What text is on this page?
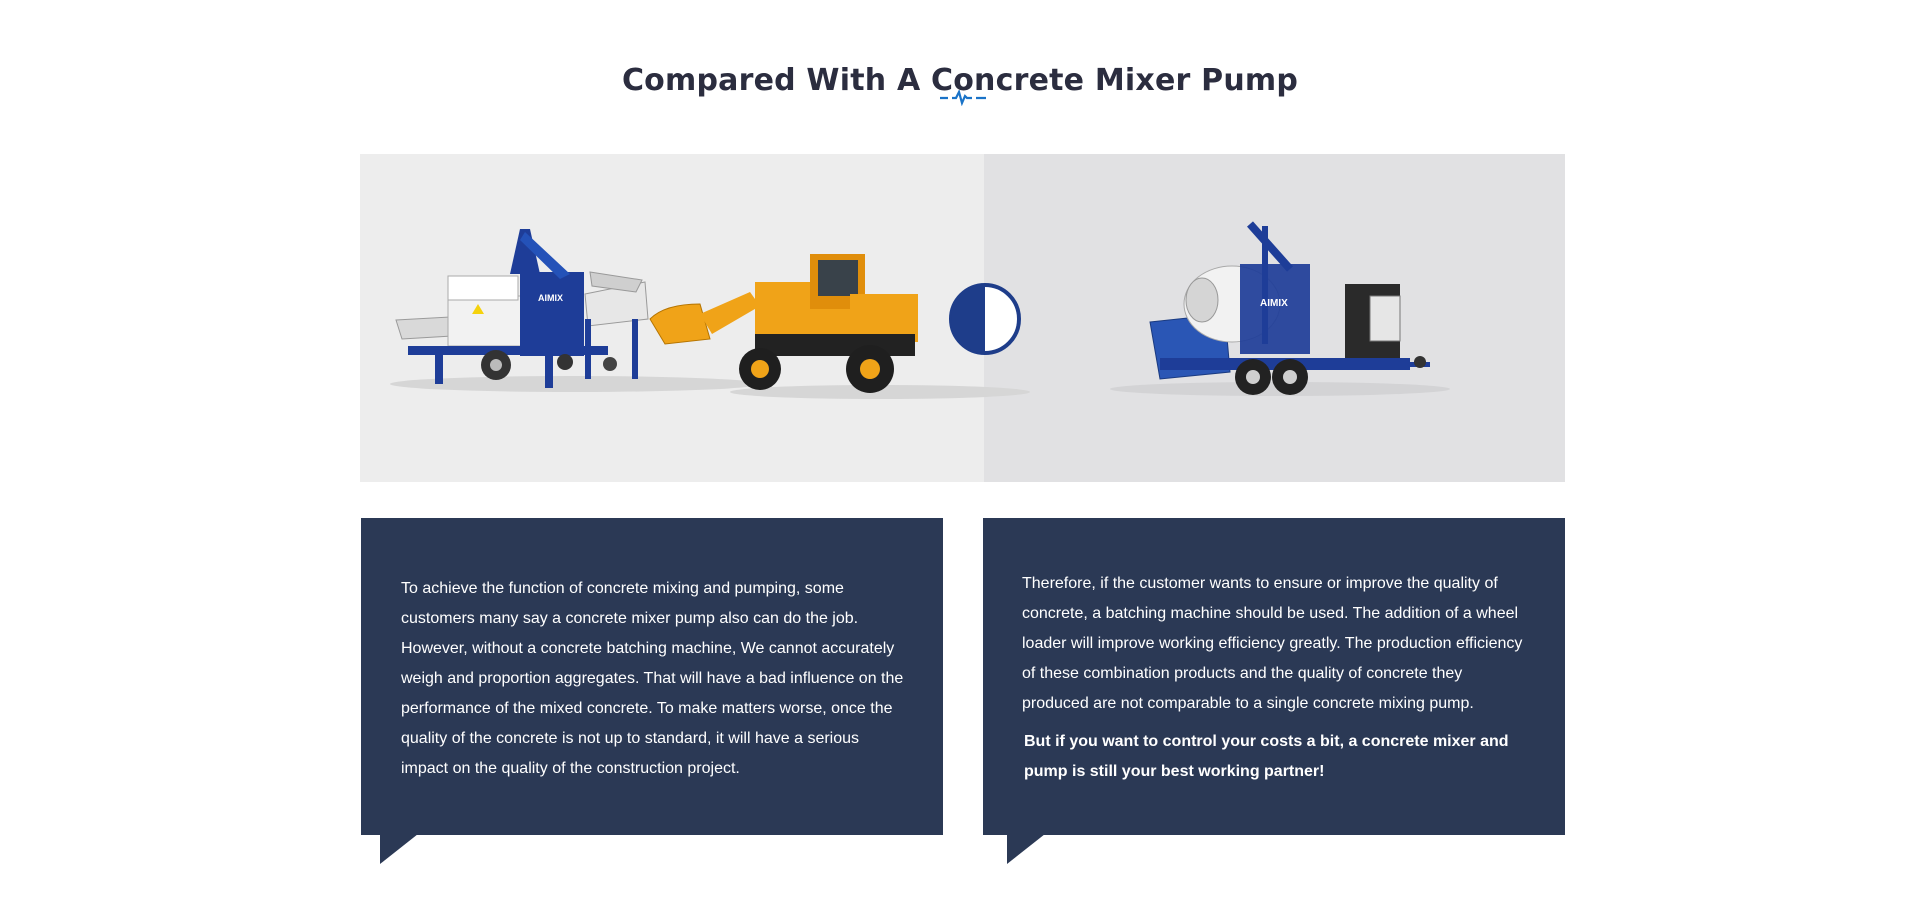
Compared With A Concrete Mixer Pump
AIMIX	AIMIX

To achieve the function of concrete mixing and pumping, some customers many say a concrete mixer pump also can do the job. However, without a concrete batching machine, We cannot accurately weigh and proportion aggregates. That will have a bad influence on the performance of the mixed concrete. To make matters worse, once the quality of the concrete is not up to standard, it will have a serious impact on the quality of the construction project.

Therefore, if the customer wants to ensure or improve the quality of concrete, a batching machine should be used. The addition of a wheel loader will improve working efficiency greatly. The production efficiency of these combination products and the quality of concrete they produced are not comparable to a single concrete mixing pump.

But if you want to control your costs a bit, a concrete mixer and pump is still your best working partner!
